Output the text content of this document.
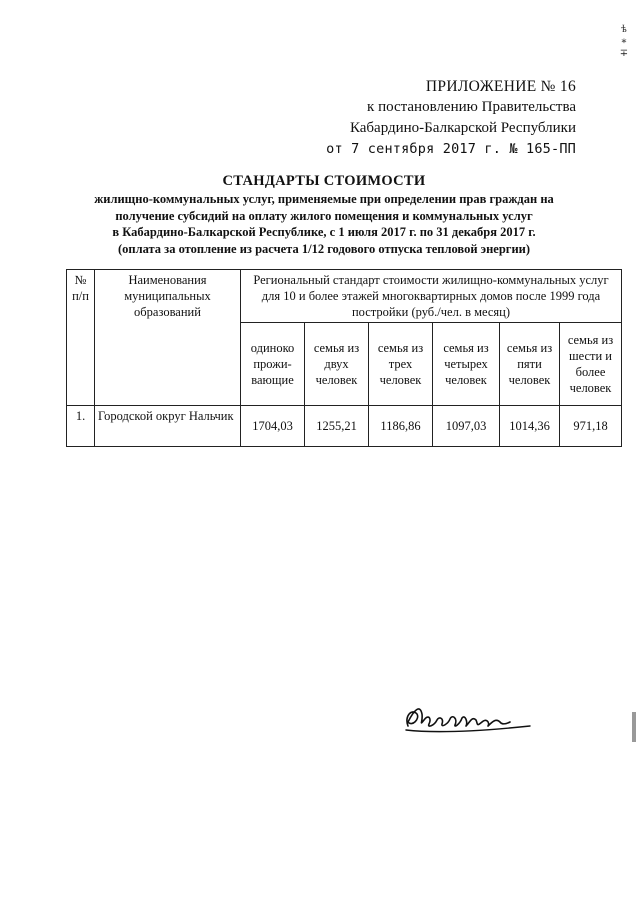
ѣ ∗ ∓
ПРИЛОЖЕНИЕ № 16
к постановлению Правительства
Кабардино-Балкарской Республики
от 7 сентября 2017 г. № 165-ПП
СТАНДАРТЫ СТОИМОСТИ
жилищно-коммунальных услуг, применяемые при определении прав граждан на
получение субсидий на оплату жилого помещения и коммунальных услуг
в Кабардино-Балкарской Республике, с 1 июля 2017 г. по 31 декабря 2017 г.
(оплата за отопление из расчета 1/12 годового отпуска тепловой энергии)
№ п/п	Наименования муниципальных образований	Региональный стандарт стоимости жилищно-коммунальных услуг для 10 и более этажей многоквартирных домов после 1999 года постройки (руб./чел. в месяц)					
		одиноко прожи-вающие	семья из двух человек	семья из трех человек	семья из четырех человек	семья из пяти человек	семья из шести и более человек
1.	Городской округ Нальчик	1704,03	1255,21	1186,86	1097,03	1014,36	971,18
